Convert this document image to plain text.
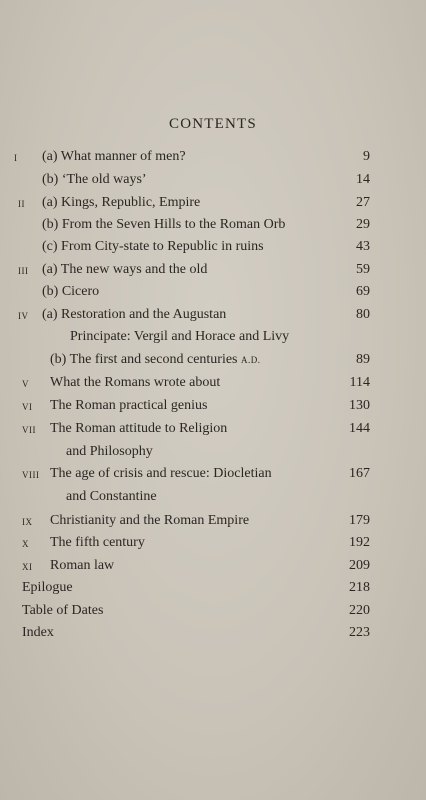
CONTENTS
I (a) What manner of men?	9
(b) ‘The old ways’	14
II (a) Kings, Republic, Empire	27
(b) From the Seven Hills to the Roman Orb	29
(c) From City-state to Republic in ruins	43
III (a) The new ways and the old	59
(b) Cicero	69
IV (a) Restoration and the Augustan	80
Principate: Vergil and Horace and Livy
(b) The first and second centuries A.D.	89
V What the Romans wrote about	114
VI The Roman practical genius	130
VII The Roman attitude to Religion	144
and Philosophy
VIII The age of crisis and rescue: Diocletian	167
and Constantine
IX Christianity and the Roman Empire	179
X The fifth century	192
XI Roman law	209
Epilogue	218
Table of Dates	220
Index	223
